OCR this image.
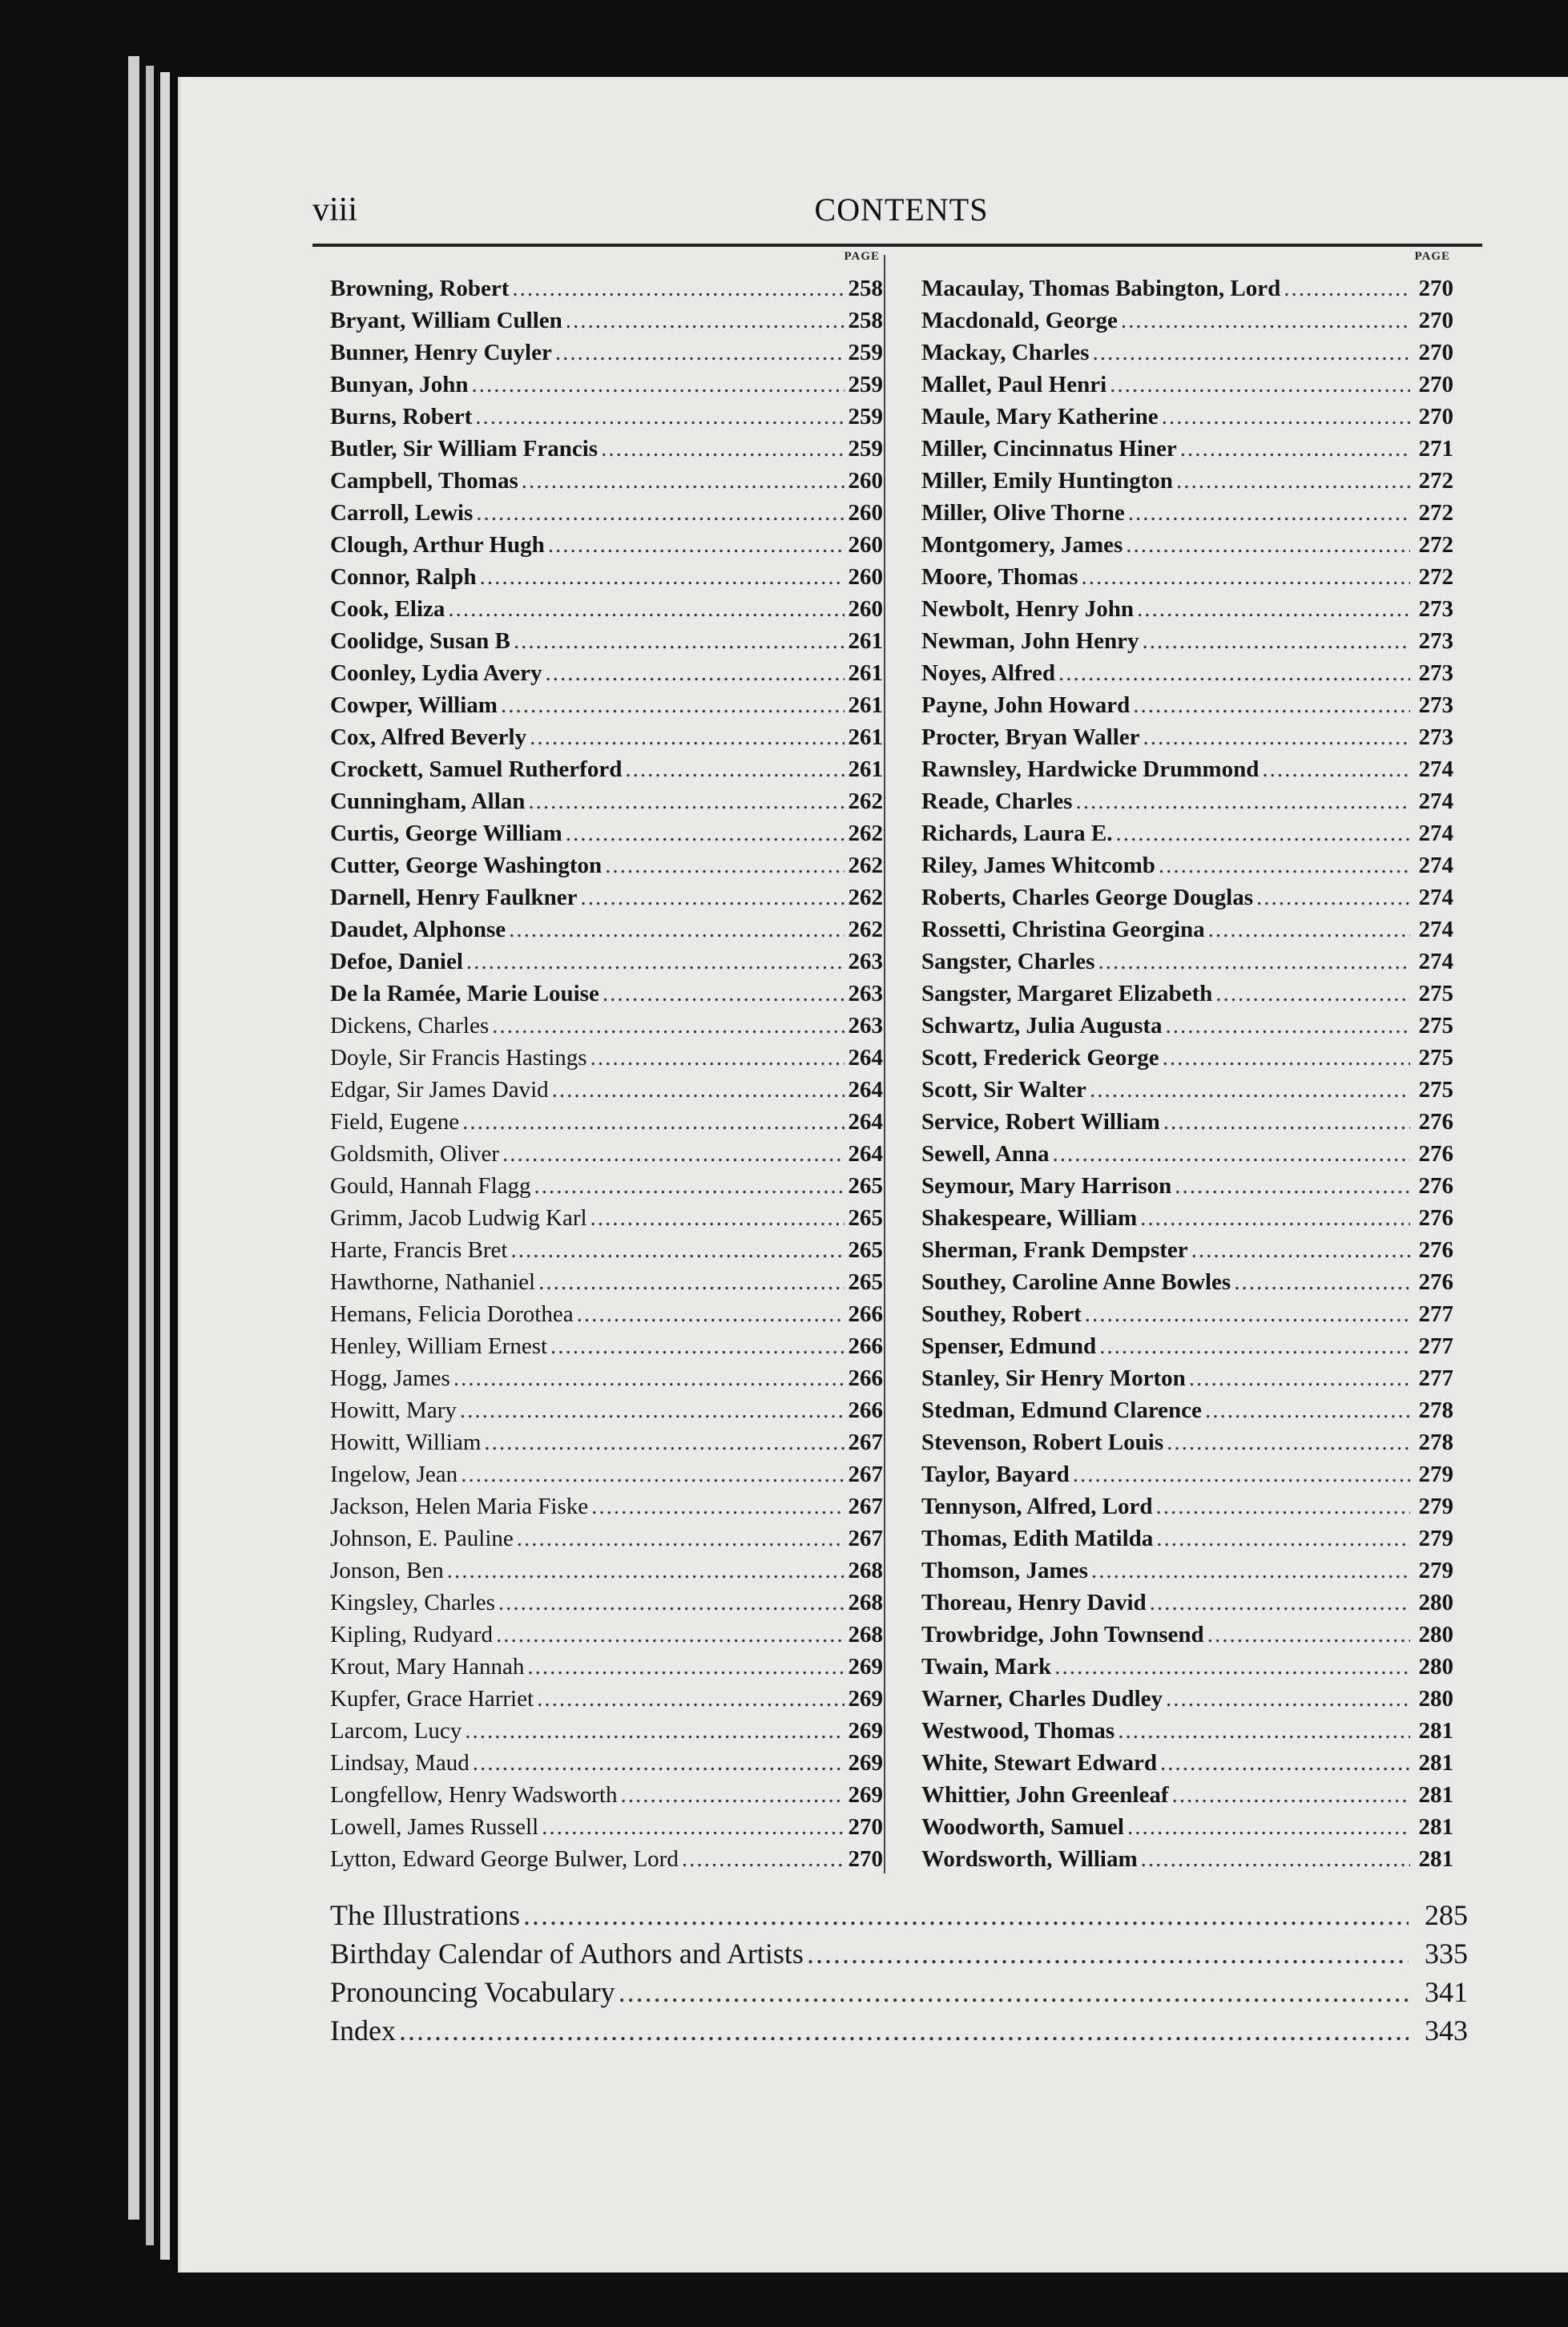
viii	CONTENTS
PAGE
Browning, Robert .....	258
Bryant, William Cullen .....	258
Bunner, Henry Cuyler .....	259
Bunyan, John .....	259
Burns, Robert .....	259
Butler, Sir William Francis .....	259
Campbell, Thomas .....	260
Carroll, Lewis .....	260
Clough, Arthur Hugh .....	260
Connor, Ralph .....	260
Cook, Eliza .....	260
Coolidge, Susan B .....	261
Coonley, Lydia Avery .....	261
Cowper, William .....	261
Cox, Alfred Beverly .....	261
Crockett, Samuel Rutherford .....	261
Cunningham, Allan .....	262
Curtis, George William .....	262
Cutter, George Washington .....	262
Darnell, Henry Faulkner .....	262
Daudet, Alphonse .....	262
Defoe, Daniel .....	263
De la Ramée, Marie Louise .....	263
Dickens, Charles .....	263
Doyle, Sir Francis Hastings .....	264
Edgar, Sir James David .....	264
Field, Eugene .....	264
Goldsmith, Oliver .....	264
Gould, Hannah Flagg .....	265
Grimm, Jacob Ludwig Karl .....	265
Harte, Francis Bret .....	265
Hawthorne, Nathaniel .....	265
Hemans, Felicia Dorothea .....	266
Henley, William Ernest .....	266
Hogg, James .....	266
Howitt, Mary .....	266
Howitt, William .....	267
Ingelow, Jean .....	267
Jackson, Helen Maria Fiske .....	267
Johnson, E. Pauline .....	267
Jonson, Ben .....	268
Kingsley, Charles .....	268
Kipling, Rudyard .....	268
Krout, Mary Hannah .....	269
Kupfer, Grace Harriet .....	269
Larcom, Lucy .....	269
Lindsay, Maud .....	269
Longfellow, Henry Wadsworth .....	269
Lowell, James Russell .....	270
Lytton, Edward George Bulwer, Lord .....	270
PAGE
Macaulay, Thomas Babington, Lord .....	270
Macdonald, George .....	270
Mackay, Charles .....	270
Mallet, Paul Henri .....	270
Maule, Mary Katherine .....	270
Miller, Cincinnatus Hiner .....	271
Miller, Emily Huntington .....	272
Miller, Olive Thorne .....	272
Montgomery, James .....	272
Moore, Thomas .....	272
Newbolt, Henry John .....	273
Newman, John Henry .....	273
Noyes, Alfred .....	273
Payne, John Howard .....	273
Procter, Bryan Waller .....	273
Rawnsley, Hardwicke Drummond .....	274
Reade, Charles .....	274
Richards, Laura E. .....	274
Riley, James Whitcomb .....	274
Roberts, Charles George Douglas .....	274
Rossetti, Christina Georgina .....	274
Sangster, Charles .....	274
Sangster, Margaret Elizabeth .....	275
Schwartz, Julia Augusta .....	275
Scott, Frederick George .....	275
Scott, Sir Walter .....	275
Service, Robert William .....	276
Sewell, Anna .....	276
Seymour, Mary Harrison .....	276
Shakespeare, William .....	276
Sherman, Frank Dempster .....	276
Southey, Caroline Anne Bowles .....	276
Southey, Robert .....	277
Spenser, Edmund .....	277
Stanley, Sir Henry Morton .....	277
Stedman, Edmund Clarence .....	278
Stevenson, Robert Louis .....	278
Taylor, Bayard .....	279
Tennyson, Alfred, Lord .....	279
Thomas, Edith Matilda .....	279
Thomson, James .....	279
Thoreau, Henry David .....	280
Trowbridge, John Townsend .....	280
Twain, Mark .....	280
Warner, Charles Dudley .....	280
Westwood, Thomas .....	281
White, Stewart Edward .....	281
Whittier, John Greenleaf .....	281
Woodworth, Samuel .....	281
Wordsworth, William .....	281
The Illustrations .....	285
Birthday Calendar of Authors and Artists .....	335
Pronouncing Vocabulary .....	341
Index .....	343
